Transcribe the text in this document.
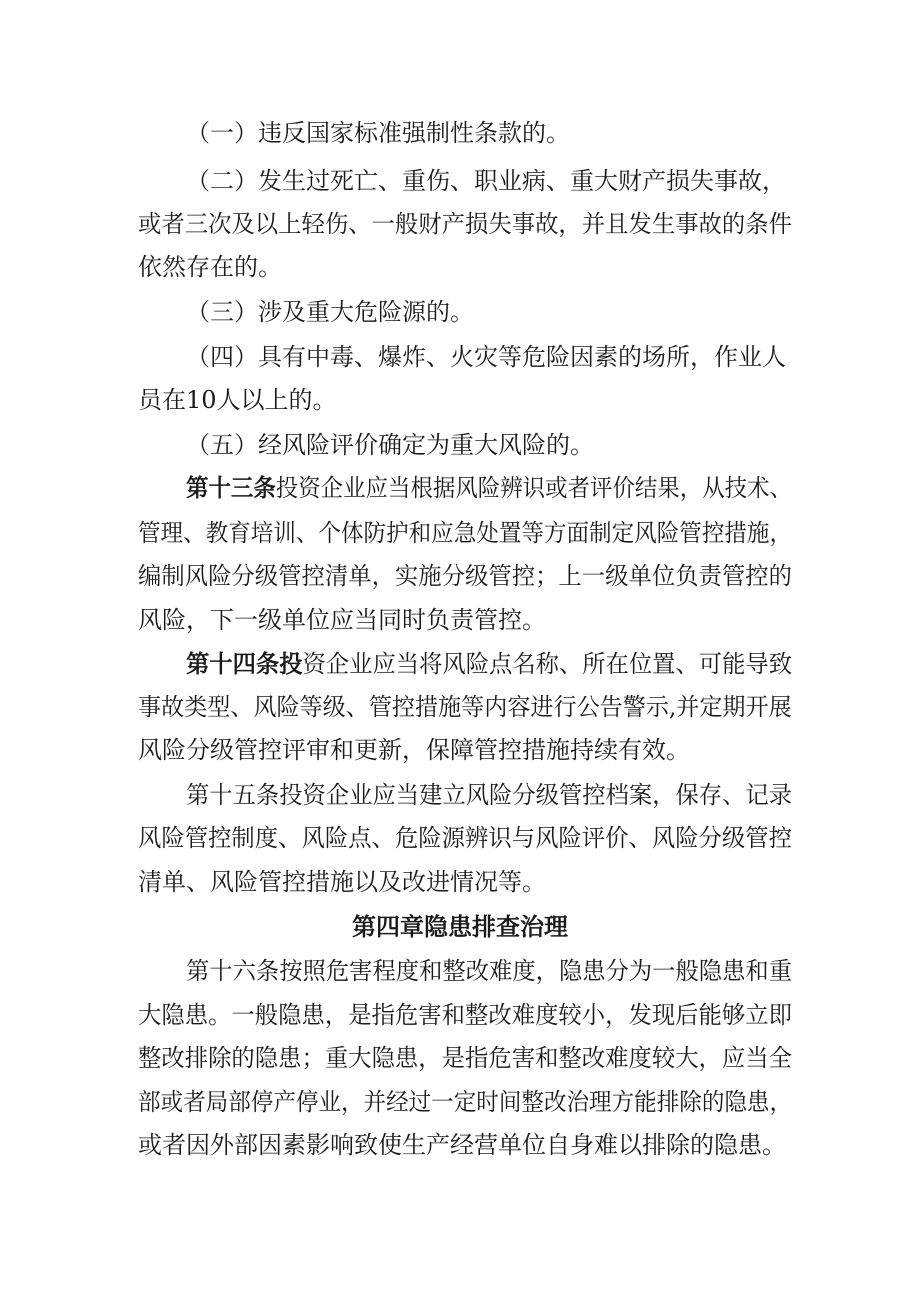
（一）违反国家标准强制性条款的。
（二）发生过死亡、重伤、职业病、重大财产损失事故，
或者三次及以上轻伤、一般财产损失事故，并且发生事故的条件
依然存在的。
（三）涉及重大危险源的。
（四）具有中毒、爆炸、火灾等危险因素的场所，作业人
员在10人以上的。
（五）经风险评价确定为重大风险的。
第十三条投资企业应当根据风险辨识或者评价结果，从技术、
管理、教育培训、个体防护和应急处置等方面制定风险管控措施，
编制风险分级管控清单，实施分级管控；上一级单位负责管控的
风险，下一级单位应当同时负责管控。
第十四条投资企业应当将风险点名称、所在位置、可能导致
事故类型、风险等级、管控措施等内容进行公告警示,并定期开展
风险分级管控评审和更新，保障管控措施持续有效。
第十五条投资企业应当建立风险分级管控档案，保存、记录
风险管控制度、风险点、危险源辨识与风险评价、风险分级管控
清单、风险管控措施以及改进情况等。
第四章隐患排查治理
第十六条按照危害程度和整改难度，隐患分为一般隐患和重
大隐患。一般隐患，是指危害和整改难度较小，发现后能够立即
整改排除的隐患；重大隐患，是指危害和整改难度较大，应当全
部或者局部停产停业，并经过一定时间整改治理方能排除的隐患，
或者因外部因素影响致使生产经营单位自身难以排除的隐患。
